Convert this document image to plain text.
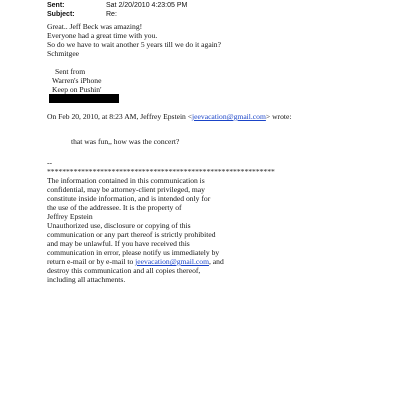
Sent:	Sat 2/20/2010 4:23:05 PM
Subject:	Re:
Great.. Jeff Beck was amazing!
Everyone had a great time with you.
So do we have to wait another 5 years till we do it again?
Schmitgee
Sent from
Warren's iPhone
Keep on Pushin'
On Feb 20, 2010, at 8:23 AM, Jeffrey Epstein <jeevacation@gmail.com> wrote:
that was fun,, how was the concert?
--
************************************************************
The information contained in this communication is
confidential, may be attorney-client privileged, may
constitute inside information, and is intended only for
the use of the addressee. It is the property of
Jeffrey Epstein
Unauthorized use, disclosure or copying of this
communication or any part thereof is strictly prohibited
and may be unlawful. If you have received this
communication in error, please notify us immediately by
return e-mail or by e-mail to jeevacation@gmail.com, and
destroy this communication and all copies thereof,
including all attachments.
